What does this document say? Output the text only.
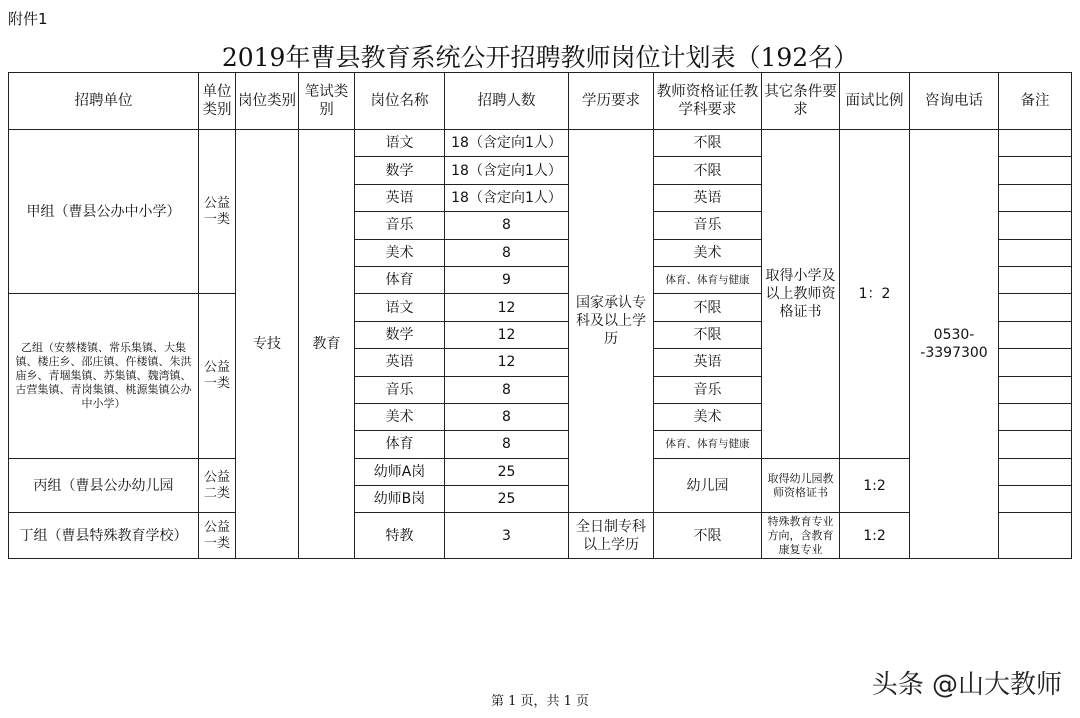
附件1
2019年曹县教育系统公开招聘教师岗位计划表（192名）
招聘单位	单位类别	岗位类别	笔试类别	岗位名称	招聘人数	学历要求	教师资格证任教学科要求	其它条件要求	面试比例	咨询电话	备注
甲组（曹县公办中小学）	公益一类	专技	教育	语文	18（含定向1人）	国家承认专科及以上学历	不限	取得小学及以上教师资格证书	1：2	0530--3397300	
				数学	18（含定向1人）		不限				
				英语	18（含定向1人）		英语				
				音乐	8		音乐				
				美术	8		美术				
				体育	9		体育、体育与健康				
乙组（安蔡楼镇、常乐集镇、大集镇、楼庄乡、邵庄镇、仵楼镇、朱洪庙乡、青堌集镇、苏集镇、魏湾镇、古营集镇、青岗集镇、桃源集镇公办中小学）	公益一类			语文	12		不限				
				数学	12		不限				
				英语	12		英语				
				音乐	8		音乐				
				美术	8		美术				
				体育	8		体育、体育与健康				
丙组（曹县公办幼儿园	公益二类			幼师A岗	25		幼儿园	取得幼儿园教师资格证书	1:2		
				幼师B岗	25						
丁组（曹县特殊教育学校）	公益一类			特教	3	全日制专科以上学历	不限	特殊教育专业方向，含教育康复专业	1:2		
第 1 页，共 1 页
头条 @山大教师
